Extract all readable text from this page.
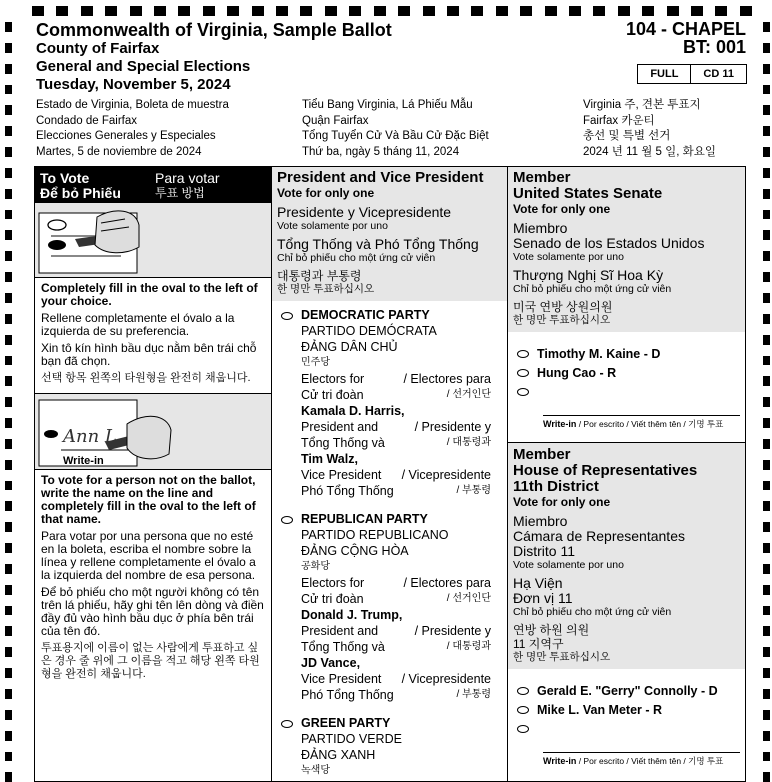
Commonwealth of Virginia, Sample Ballot
County of Fairfax
General and Special Elections
Tuesday, November 5, 2024
104 - CHAPEL
BT: 001
FULL	CD 11
Estado de Virginia, Boleta de muestra
Condado de Fairfax
Elecciones Generales y Especiales
Martes, 5 de noviembre de 2024
Tiểu Bang Virginia, Lá Phiếu Mẫu
Quận Fairfax
Tổng Tuyển Cử Và Bầu Cử Đặc Biệt
Thứ ba, ngày 5 tháng 11, 2024
Virginia 주, 견본 투표지
Fairfax 카운티
총선 및 특별 선거
2024 년 11 월 5 일, 화요일
To Vote
Để bỏ Phiếu
Para votar
투표 방법

Completely fill in the oval to the left of your choice.

Rellene completamente el óvalo a la izquierda de su preferencia.

Xin tô kín hình bầu dục nằm bên trái chỗ bạn đã chọn.

선택 항목 왼쪽의 타원형을 완전히 채웁니다.

Ann L
Write-in

To vote for a person not on the ballot, write the name on the line and completely fill in the oval to the left of that name.

Para votar por una persona que no esté en la boleta, escriba el nombre sobre la línea y rellene completamente el óvalo a la izquierda del nombre de esa persona.

Để bỏ phiếu cho một người không có tên trên lá phiếu, hãy ghi tên lên dòng và điền đầy đủ vào hình bầu dục ở phía bên trái của tên đó.

투표용지에 이름이 없는 사람에게 투표하고 싶은 경우 줄 위에 그 이름을 적고 해당 왼쪽 타원형을 완전히 채웁니다.

President and Vice President
Vote for only one
Presidente y Vicepresidente
Vote solamente por uno
Tổng Thống và Phó Tổng Thống
Chỉ bỏ phiếu cho một ứng cử viên
대통령과 부통령
한 명만 투표하십시오
DEMOCRATIC PARTY
PARTIDO DEMÓCRATA
ĐẢNG DÂN CHỦ
민주당
Electors for	/ Electores para
Cử tri đoàn	/ 선거인단
Kamala D. Harris,
President and	/ Presidente y
Tổng Thống và	/ 대통령과
Tim Walz,
Vice President / Vicepresidente
Phó Tổng Thống	/ 부통령
REPUBLICAN PARTY
PARTIDO REPUBLICANO
ĐẢNG CỘNG HÒA
공화당
Electors for	/ Electores para
Cử tri đoàn	/ 선거인단
Donald J. Trump,
President and	/ Presidente y
Tổng Thống và	/ 대통령과
JD Vance,
Vice President / Vicepresidente
Phó Tổng Thống	/ 부통령
GREEN PARTY
PARTIDO VERDE
ĐẢNG XANH
녹색당
Member
United States Senate
Vote for only one
Miembro
Senado de los Estados Unidos
Vote solamente por uno
Thượng Nghị Sĩ Hoa Kỳ
Chỉ bỏ phiếu cho một ứng cử viên
미국 연방 상원의원
한 명만 투표하십시오
Timothy M. Kaine - D
Hung Cao - R
Write-in / Por escrito / Viết thêm tên / 기명 투표
Member
House of Representatives
11th District
Vote for only one
Miembro
Cámara de Representantes
Distrito 11
Vote solamente por uno
Hạ Viện
Đơn vị 11
Chỉ bỏ phiếu cho một ứng cử viên
연방 하원 의원
11 지역구
한 명만 투표하십시오
Gerald E. "Gerry" Connolly - D
Mike L. Van Meter - R
Write-in / Por escrito / Viết thêm tên / 기명 투표
